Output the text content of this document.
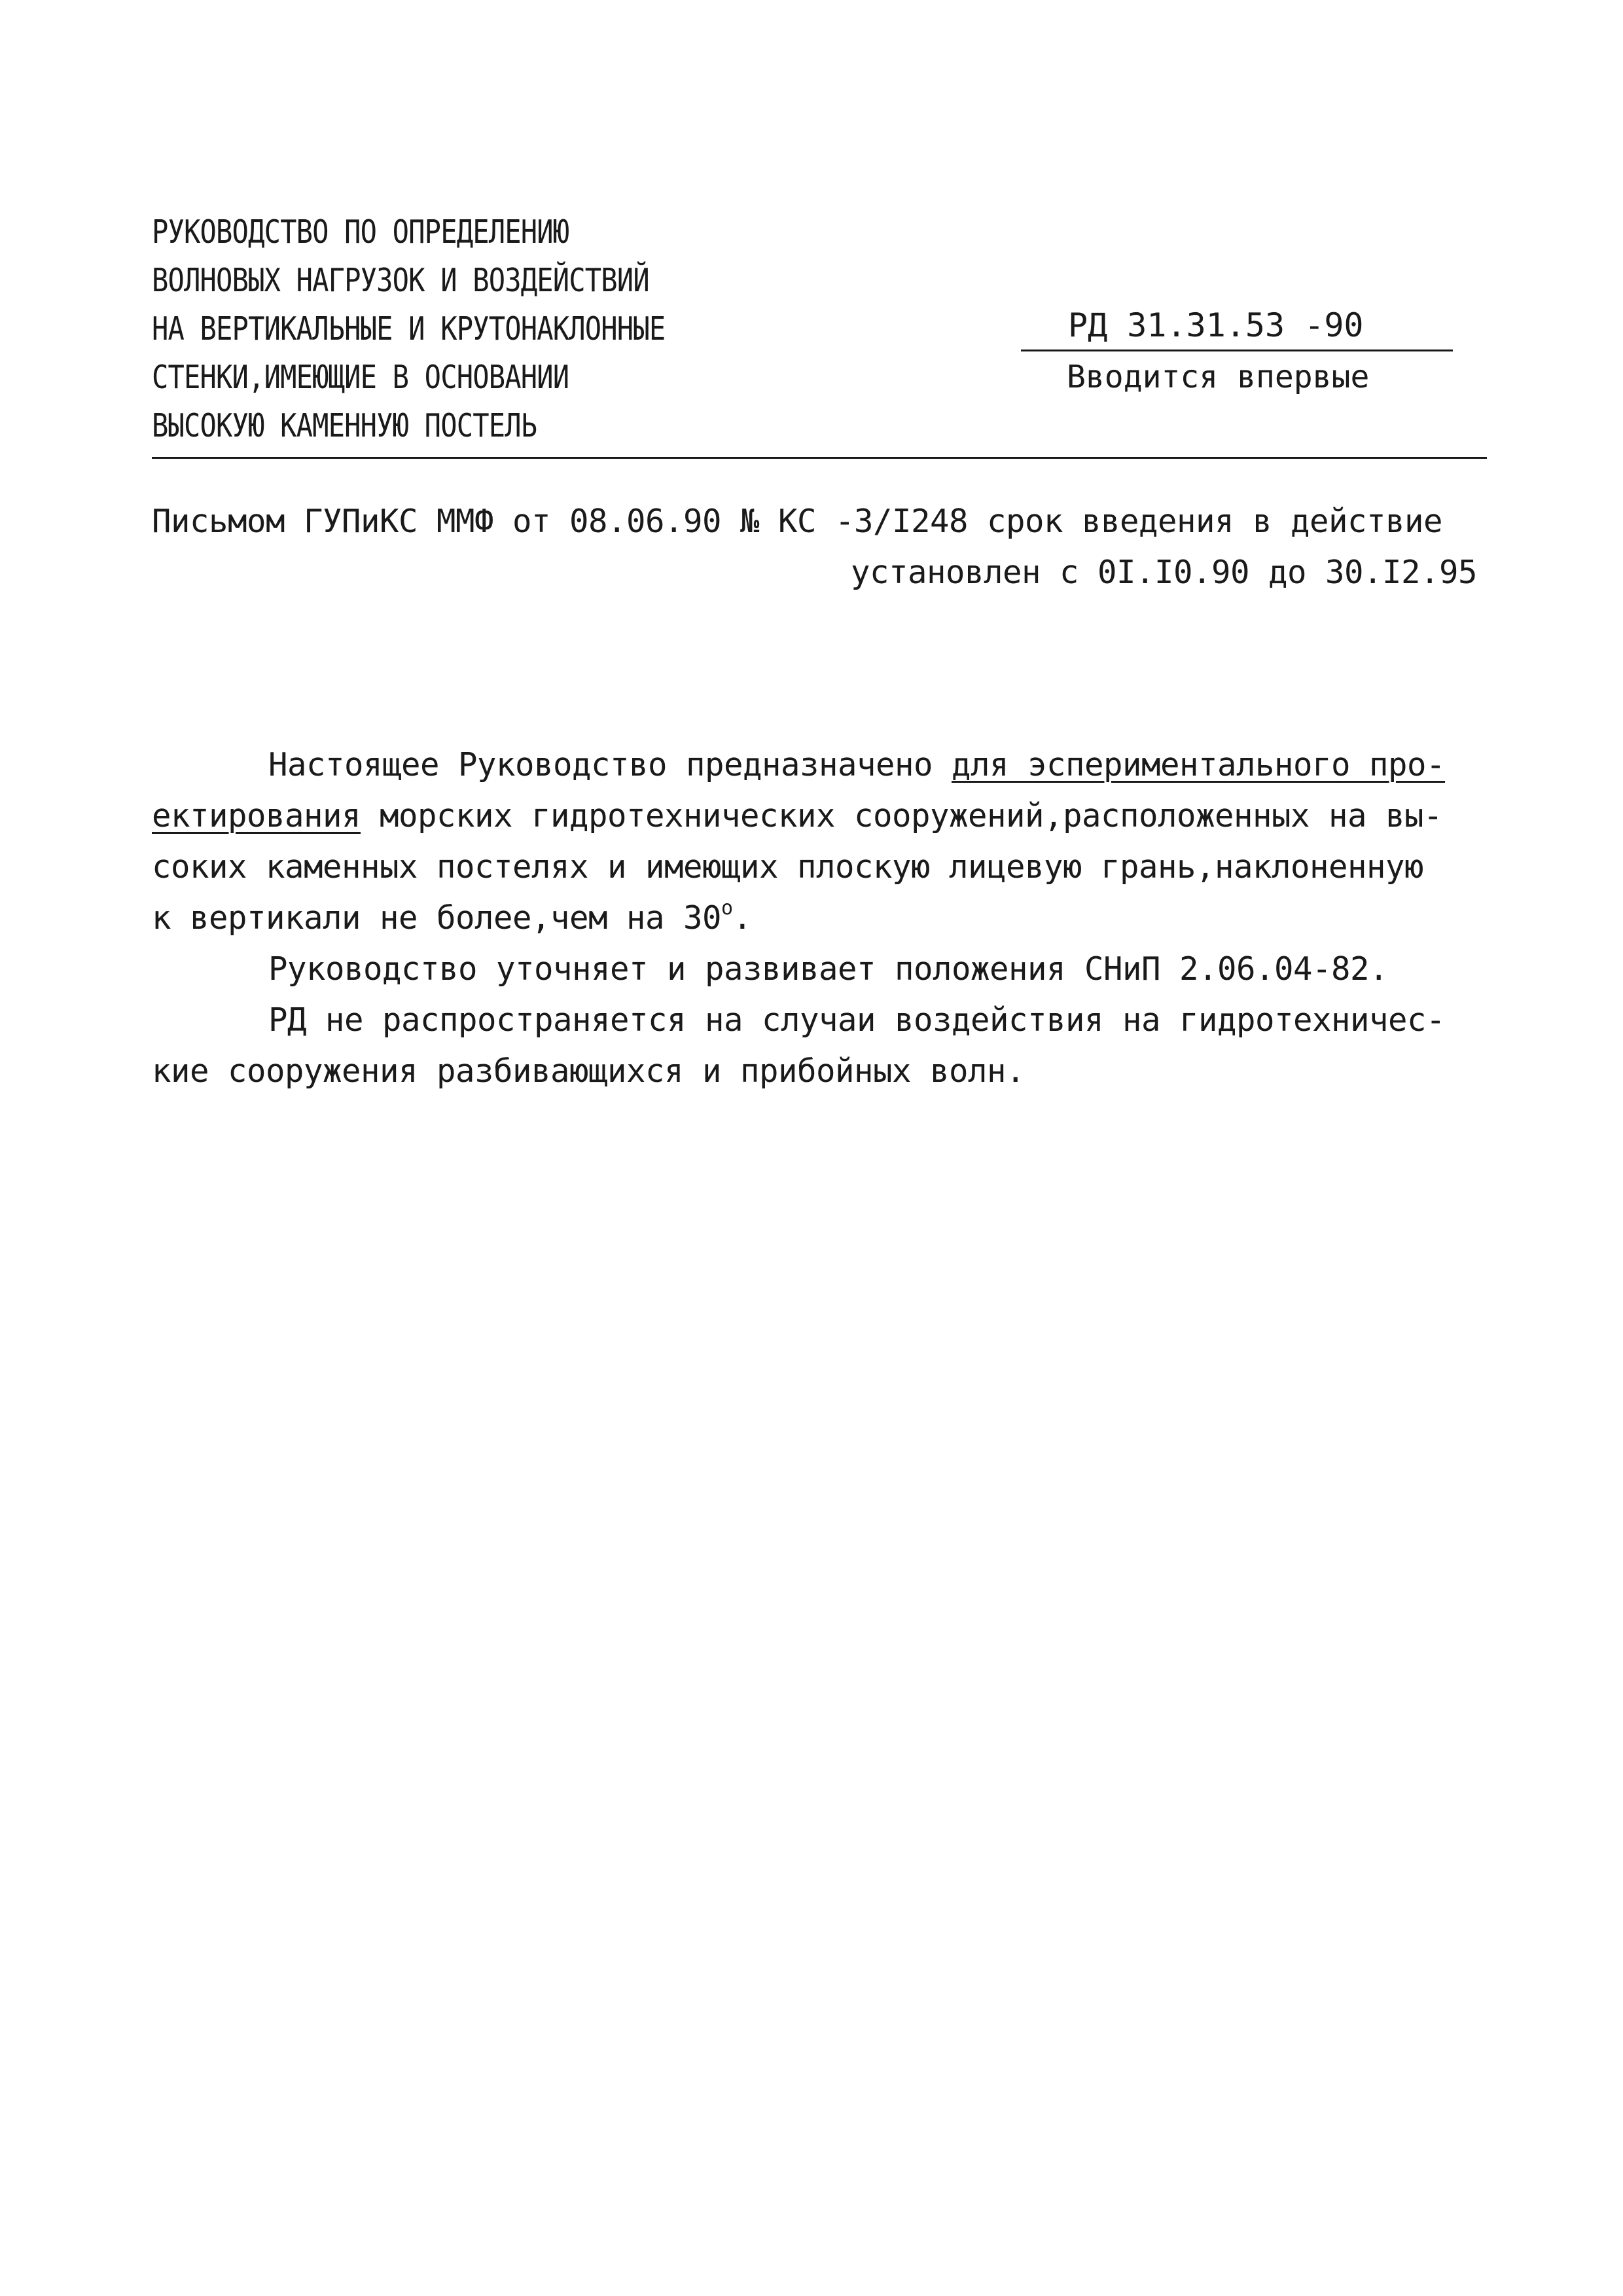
РУКОВОДСТВО ПО ОПРЕДЕЛЕНИЮ
ВОЛНОВЫХ НАГРУЗОК И ВОЗДЕЙСТВИЙ
НА ВЕРТИКАЛЬНЫЕ И КРУТОНАКЛОННЫЕ
СТЕНКИ,ИМЕЮЩИЕ В ОСНОВАНИИ
ВЫСОКУЮ КАМЕННУЮ ПОСТЕЛЬ
РД 31.31.53 -90
Вводится впервые
Письмом ГУПиКС ММФ от 08.06.90 № КС -3/I248 срок введения в действие
установлен с 0I.I0.90 до 30.I2.95
Настоящее Руководство предназначено для эспериментального про-
ектирования морских гидротехнических сооружений,расположенных на вы-
соких каменных постелях и имеющих плоскую лицевую грань,наклоненную
к вертикали не более,чем на $30^о$.
Руководство уточняет и развивает положения СНиП 2.06.04-82.
РД не распространяется на случаи воздействия на гидротехничес-
кие сооружения разбивающихся и прибойных волн.
